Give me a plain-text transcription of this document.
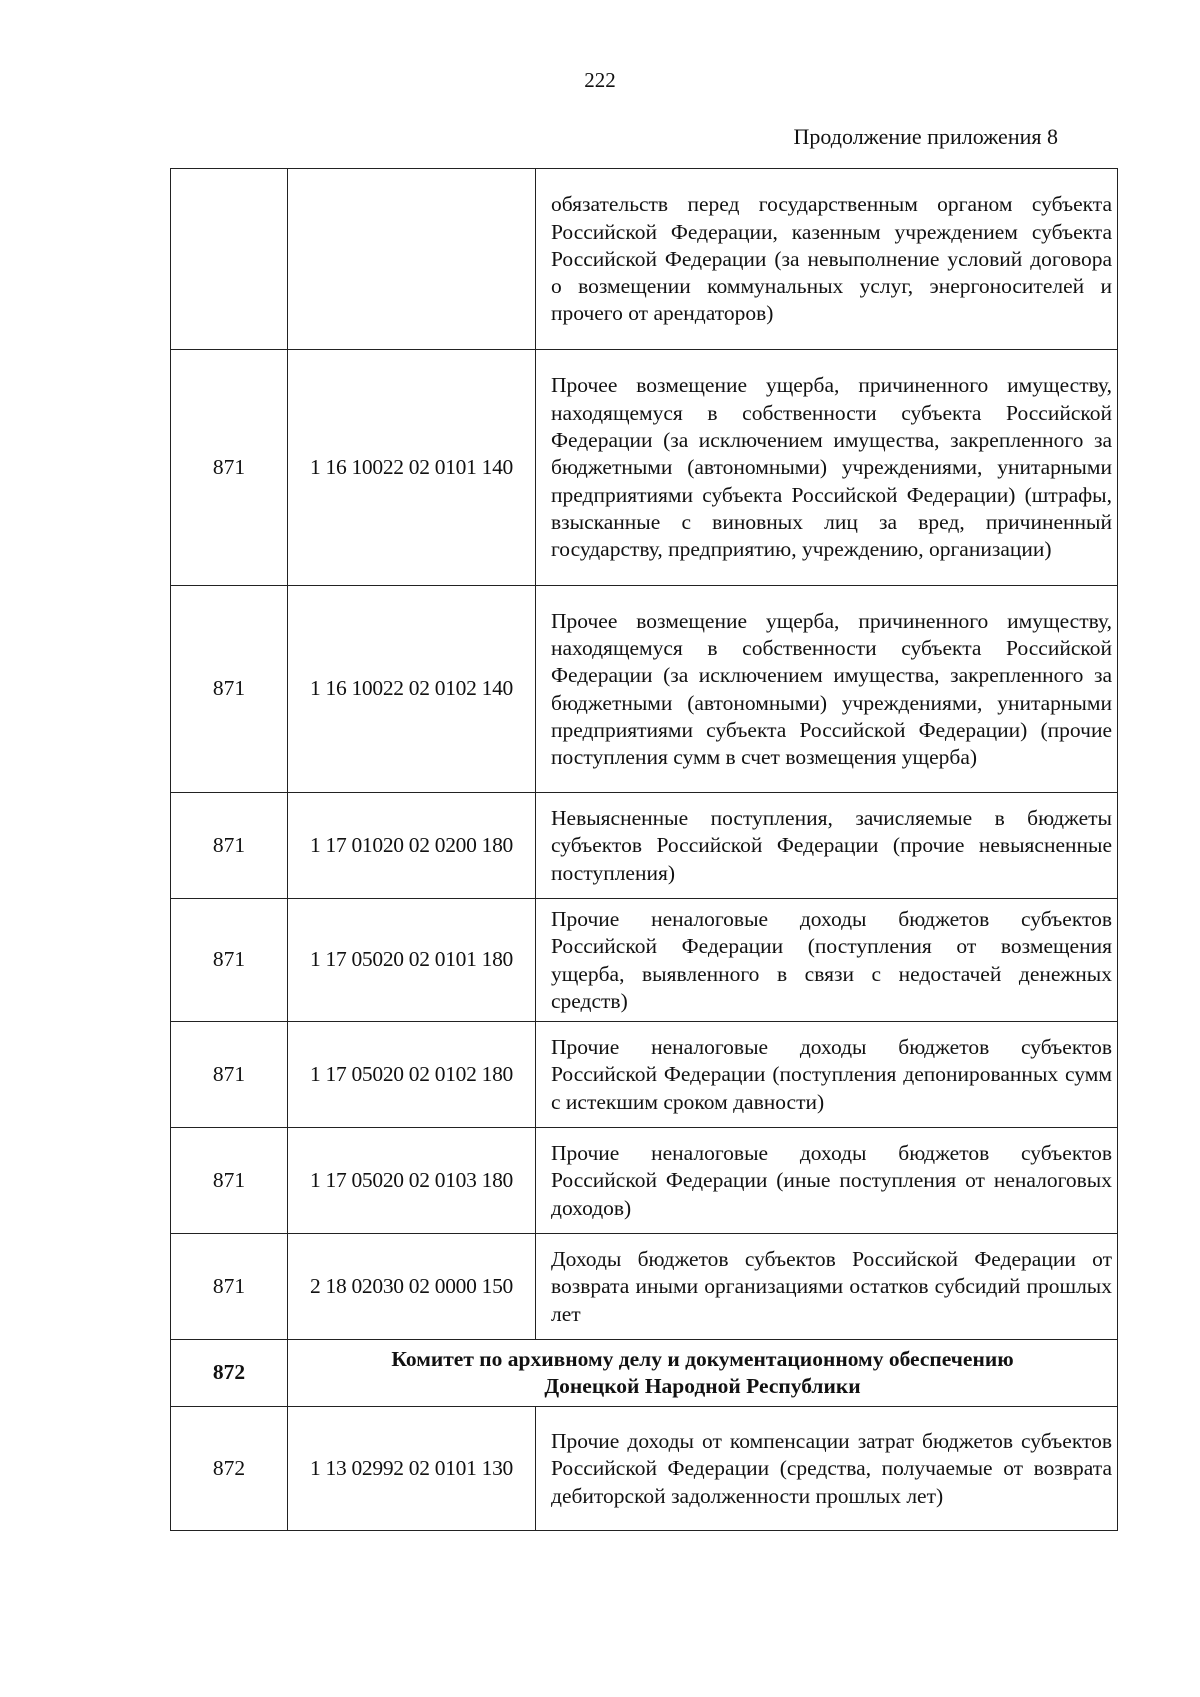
222
Продолжение приложения 8
		обязательств перед государственным органом субъекта Российской Федерации, казенным учреждением субъекта Российской Федерации (за невыполнение условий договора о возмещении коммунальных услуг, энергоносителей и прочего от арендаторов)
871	1 16 10022 02 0101 140	Прочее возмещение ущерба, причиненного имуществу, находящемуся в собственности субъекта Российской Федерации (за исключением имущества, закрепленного за бюджетными (автономными) учреждениями, унитарными предприятиями субъекта Российской Федерации) (штрафы, взысканные с виновных лиц за вред, причиненный государству, предприятию, учреждению, организации)
871	1 16 10022 02 0102 140	Прочее возмещение ущерба, причиненного имуществу, находящемуся в собственности субъекта Российской Федерации (за исключением имущества, закрепленного за бюджетными (автономными) учреждениями, унитарными предприятиями субъекта Российской Федерации) (прочие поступления сумм в счет возмещения ущерба)
871	1 17 01020 02 0200 180	Невыясненные поступления, зачисляемые в бюджеты субъектов Российской Федерации (прочие невыясненные поступления)
871	1 17 05020 02 0101 180	Прочие неналоговые доходы бюджетов субъектов Российской Федерации (поступления от возмещения ущерба, выявленного в связи с недостачей денежных средств)
871	1 17 05020 02 0102 180	Прочие неналоговые доходы бюджетов субъектов Российской Федерации (поступления депонированных сумм с истекшим сроком давности)
871	1 17 05020 02 0103 180	Прочие неналоговые доходы бюджетов субъектов Российской Федерации (иные поступления от неналоговых доходов)
871	2 18 02030 02 0000 150	Доходы бюджетов субъектов Российской Федерации от возврата иными организациями остатков субсидий прошлых лет
872	Комитет по архивному делу и документационному обеспечению
Донецкой Народной Республики	
872	1 13 02992 02 0101 130	Прочие доходы от компенсации затрат бюджетов субъектов Российской Федерации (средства, получаемые от возврата дебиторской задолженности прошлых лет)
